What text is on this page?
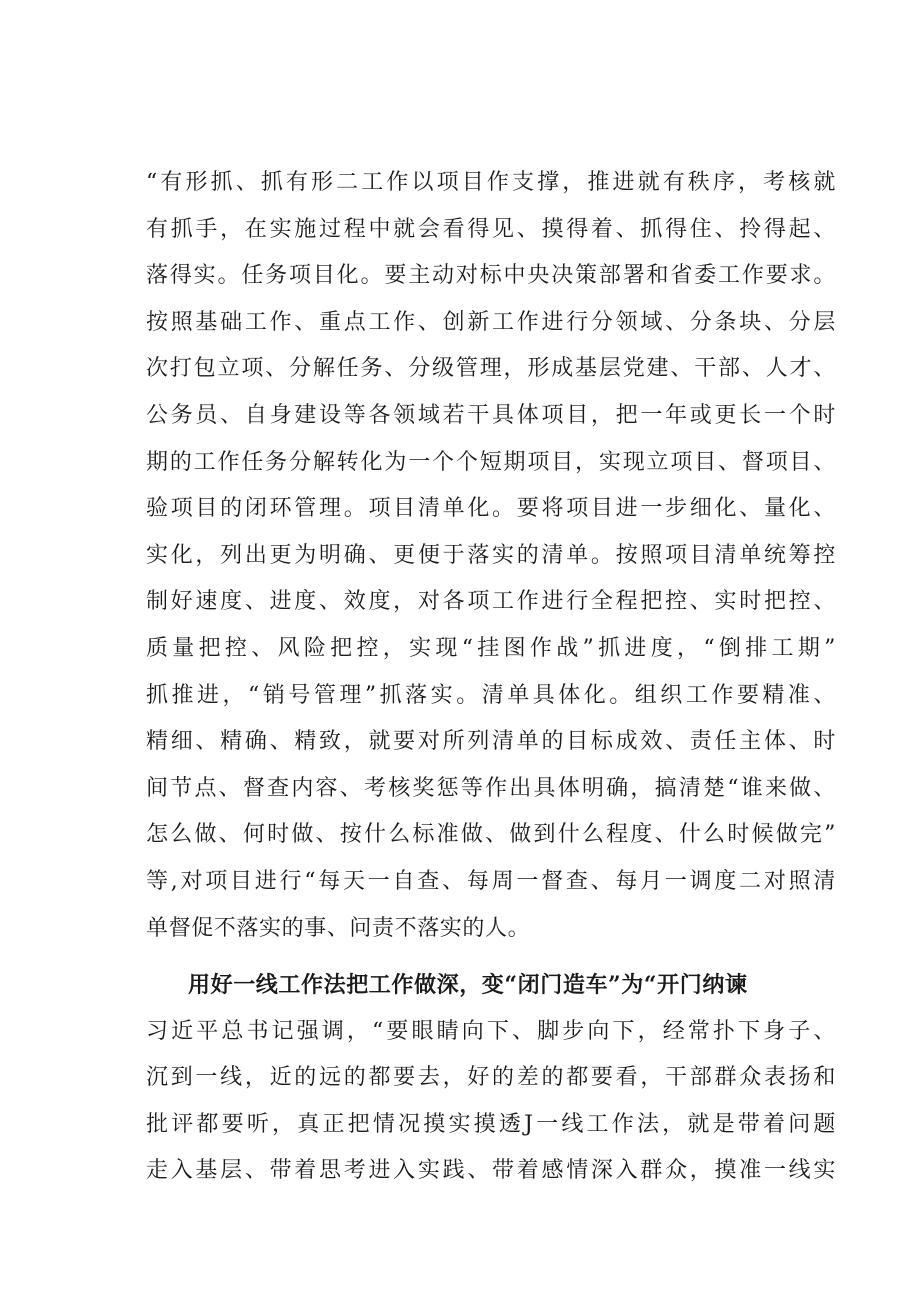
“有形抓、抓有形二工作以项目作支撑，推进就有秩序，考核就
有抓手，在实施过程中就会看得见、摸得着、抓得住、拎得起、
落得实。任务项目化。要主动对标中央决策部署和省委工作要求。
按照基础工作、重点工作、创新工作进行分领域、分条块、分层
次打包立项、分解任务、分级管理，形成基层党建、干部、人才、
公务员、自身建设等各领域若干具体项目，把一年或更长一个时
期的工作任务分解转化为一个个短期项目，实现立项目、督项目、
验项目的闭环管理。项目清单化。要将项目进一步细化、量化、
实化，列出更为明确、更便于落实的清单。按照项目清单统筹控
制好速度、进度、效度，对各项工作进行全程把控、实时把控、
质量把控、风险把控，实现“挂图作战”抓进度，“倒排工期”
抓推进，“销号管理”抓落实。清单具体化。组织工作要精准、
精细、精确、精致，就要对所列清单的目标成效、责任主体、时
间节点、督查内容、考核奖惩等作出具体明确，搞清楚“谁来做、
怎么做、何时做、按什么标准做、做到什么程度、什么时候做完”
等,对项目进行“每天一自查、每周一督查、每月一调度二对照清
单督促不落实的事、问责不落实的人。
用好一线工作法把工作做深，变“闭门造车”为“开门纳谏
习近平总书记强调，“要眼睛向下、脚步向下，经常扑下身子、
沉到一线，近的远的都要去，好的差的都要看，干部群众表扬和
批评都要听，真正把情况摸实摸透J一线工作法，就是带着问题
走入基层、带着思考进入实践、带着感情深入群众，摸准一线实
